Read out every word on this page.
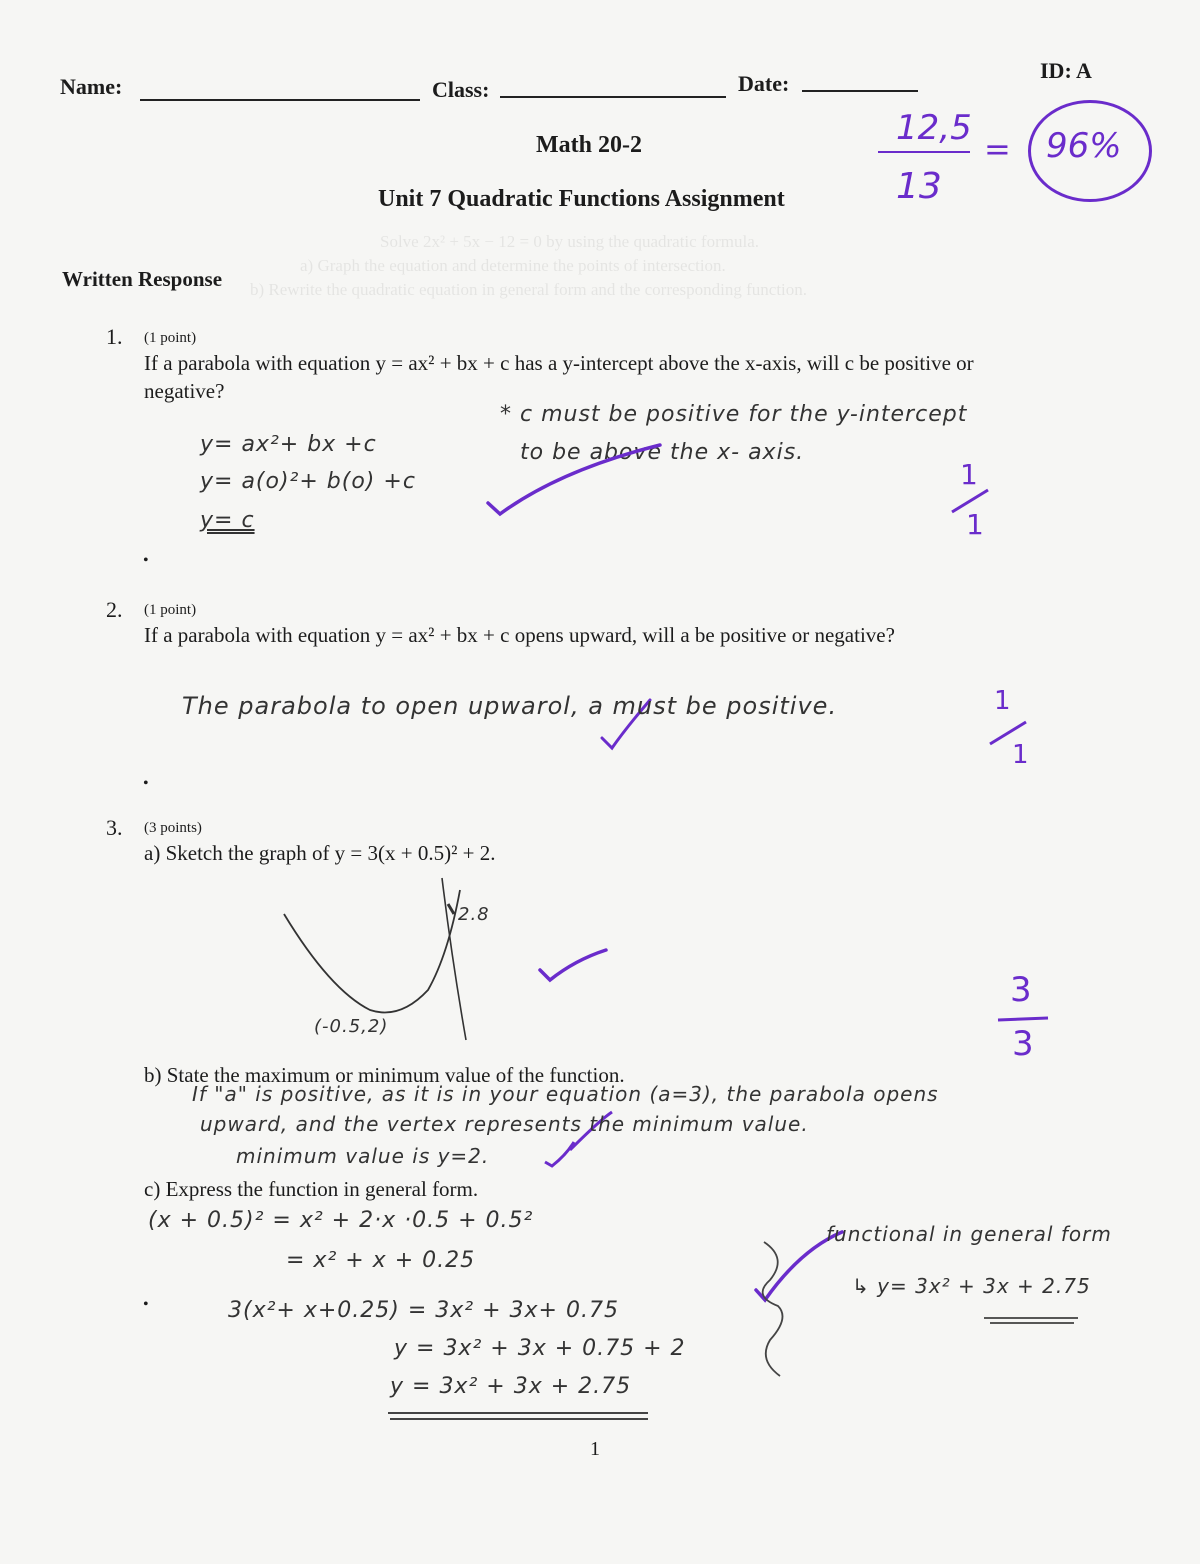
Solve 2x² + 5x − 12 = 0 by using the quadratic formula.
a) Graph the equation and determine the points of intersection.
b) Rewrite the quadratic equation in general form and the corresponding function.
Name:	Class:	Date:
ID: A
Math 20-2
Unit 7 Quadratic Functions Assignment
12,5
13
= 96%
Written Response
1. (1 point)
If a parabola with equation y = ax² + bx + c has a y-intercept above the x-axis, will c be positive or
negative?
y= ax²+ bx +c
y= a(o)²+ b(o) +c
y= c
* c must be positive for the y-intercept
to be above the x- axis.
1
1
•
2. (1 point)
If a parabola with equation y = ax² + bx + c opens upward, will a be positive or negative?
The parabola to open upwarol, a must be positive.	1
1
•
3. (3 points)
a) Sketch the graph of y = 3(x + 0.5)² + 2.
2.8
(-0.5,2)
3
3
b) State the maximum or minimum value of the function.
If "a" is positive, as it is in your equation (a=3), the parabola opens
upward, and the vertex represents the minimum value.
minimum value is y=2.
c) Express the function in general form.
(x + 0.5)² = x² + 2·x ·0.5 + 0.5²
= x² + x + 0.25
3(x²+ x+0.25) = 3x² + 3x+ 0.75
y = 3x² + 3x + 0.75 + 2
y = 3x² + 3x + 2.75
•
functional in general form
↳ y= 3x² + 3x + 2.75
1
